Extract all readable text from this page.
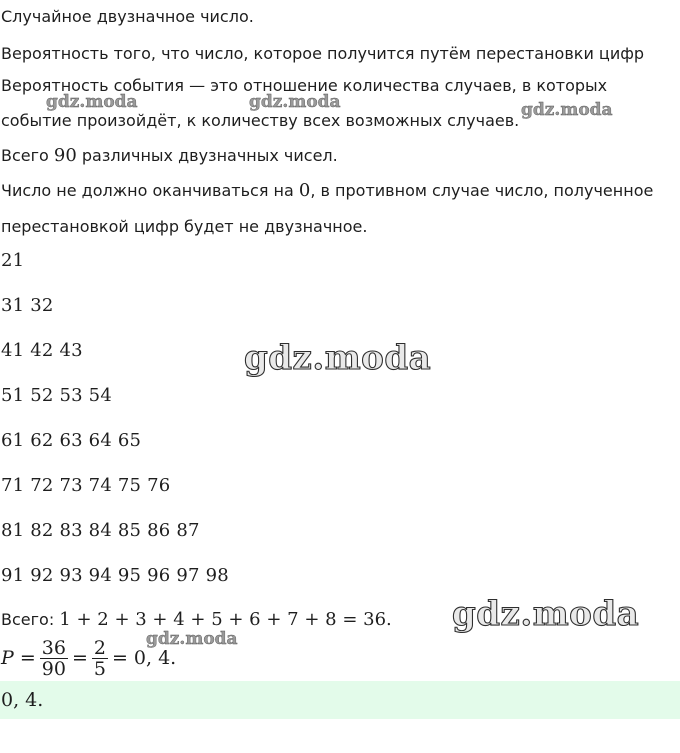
Случайное двузначное число.
Вероятность того, что число, которое получится путём перестановки цифр
Вероятность события — это отношение количества случаев, в которых
событие произойдёт, к количеству всех возможных случаев.
Всего 90 различных двузначных чисел.
Число не должно оканчиваться на 0, в противном случае число, полученное
перестановкой цифр будет не двузначное.
21
31 32
41 42 43
51 52 53 54
61 62 63 64 65
71 72 73 74 75 76
81 82 83 84 85 86 87
91 92 93 94 95 96 97 98
Всего: 1 + 2 + 3 + 4 + 5 + 6 + 7 + 8 = 36.
$P = \frac{36}{90} = \frac{2}{5} = 0$, 4.
0, 4.
gdz.moda	gdz.moda	gdz.moda
gdz.moda
gdz.moda
gdz.moda
